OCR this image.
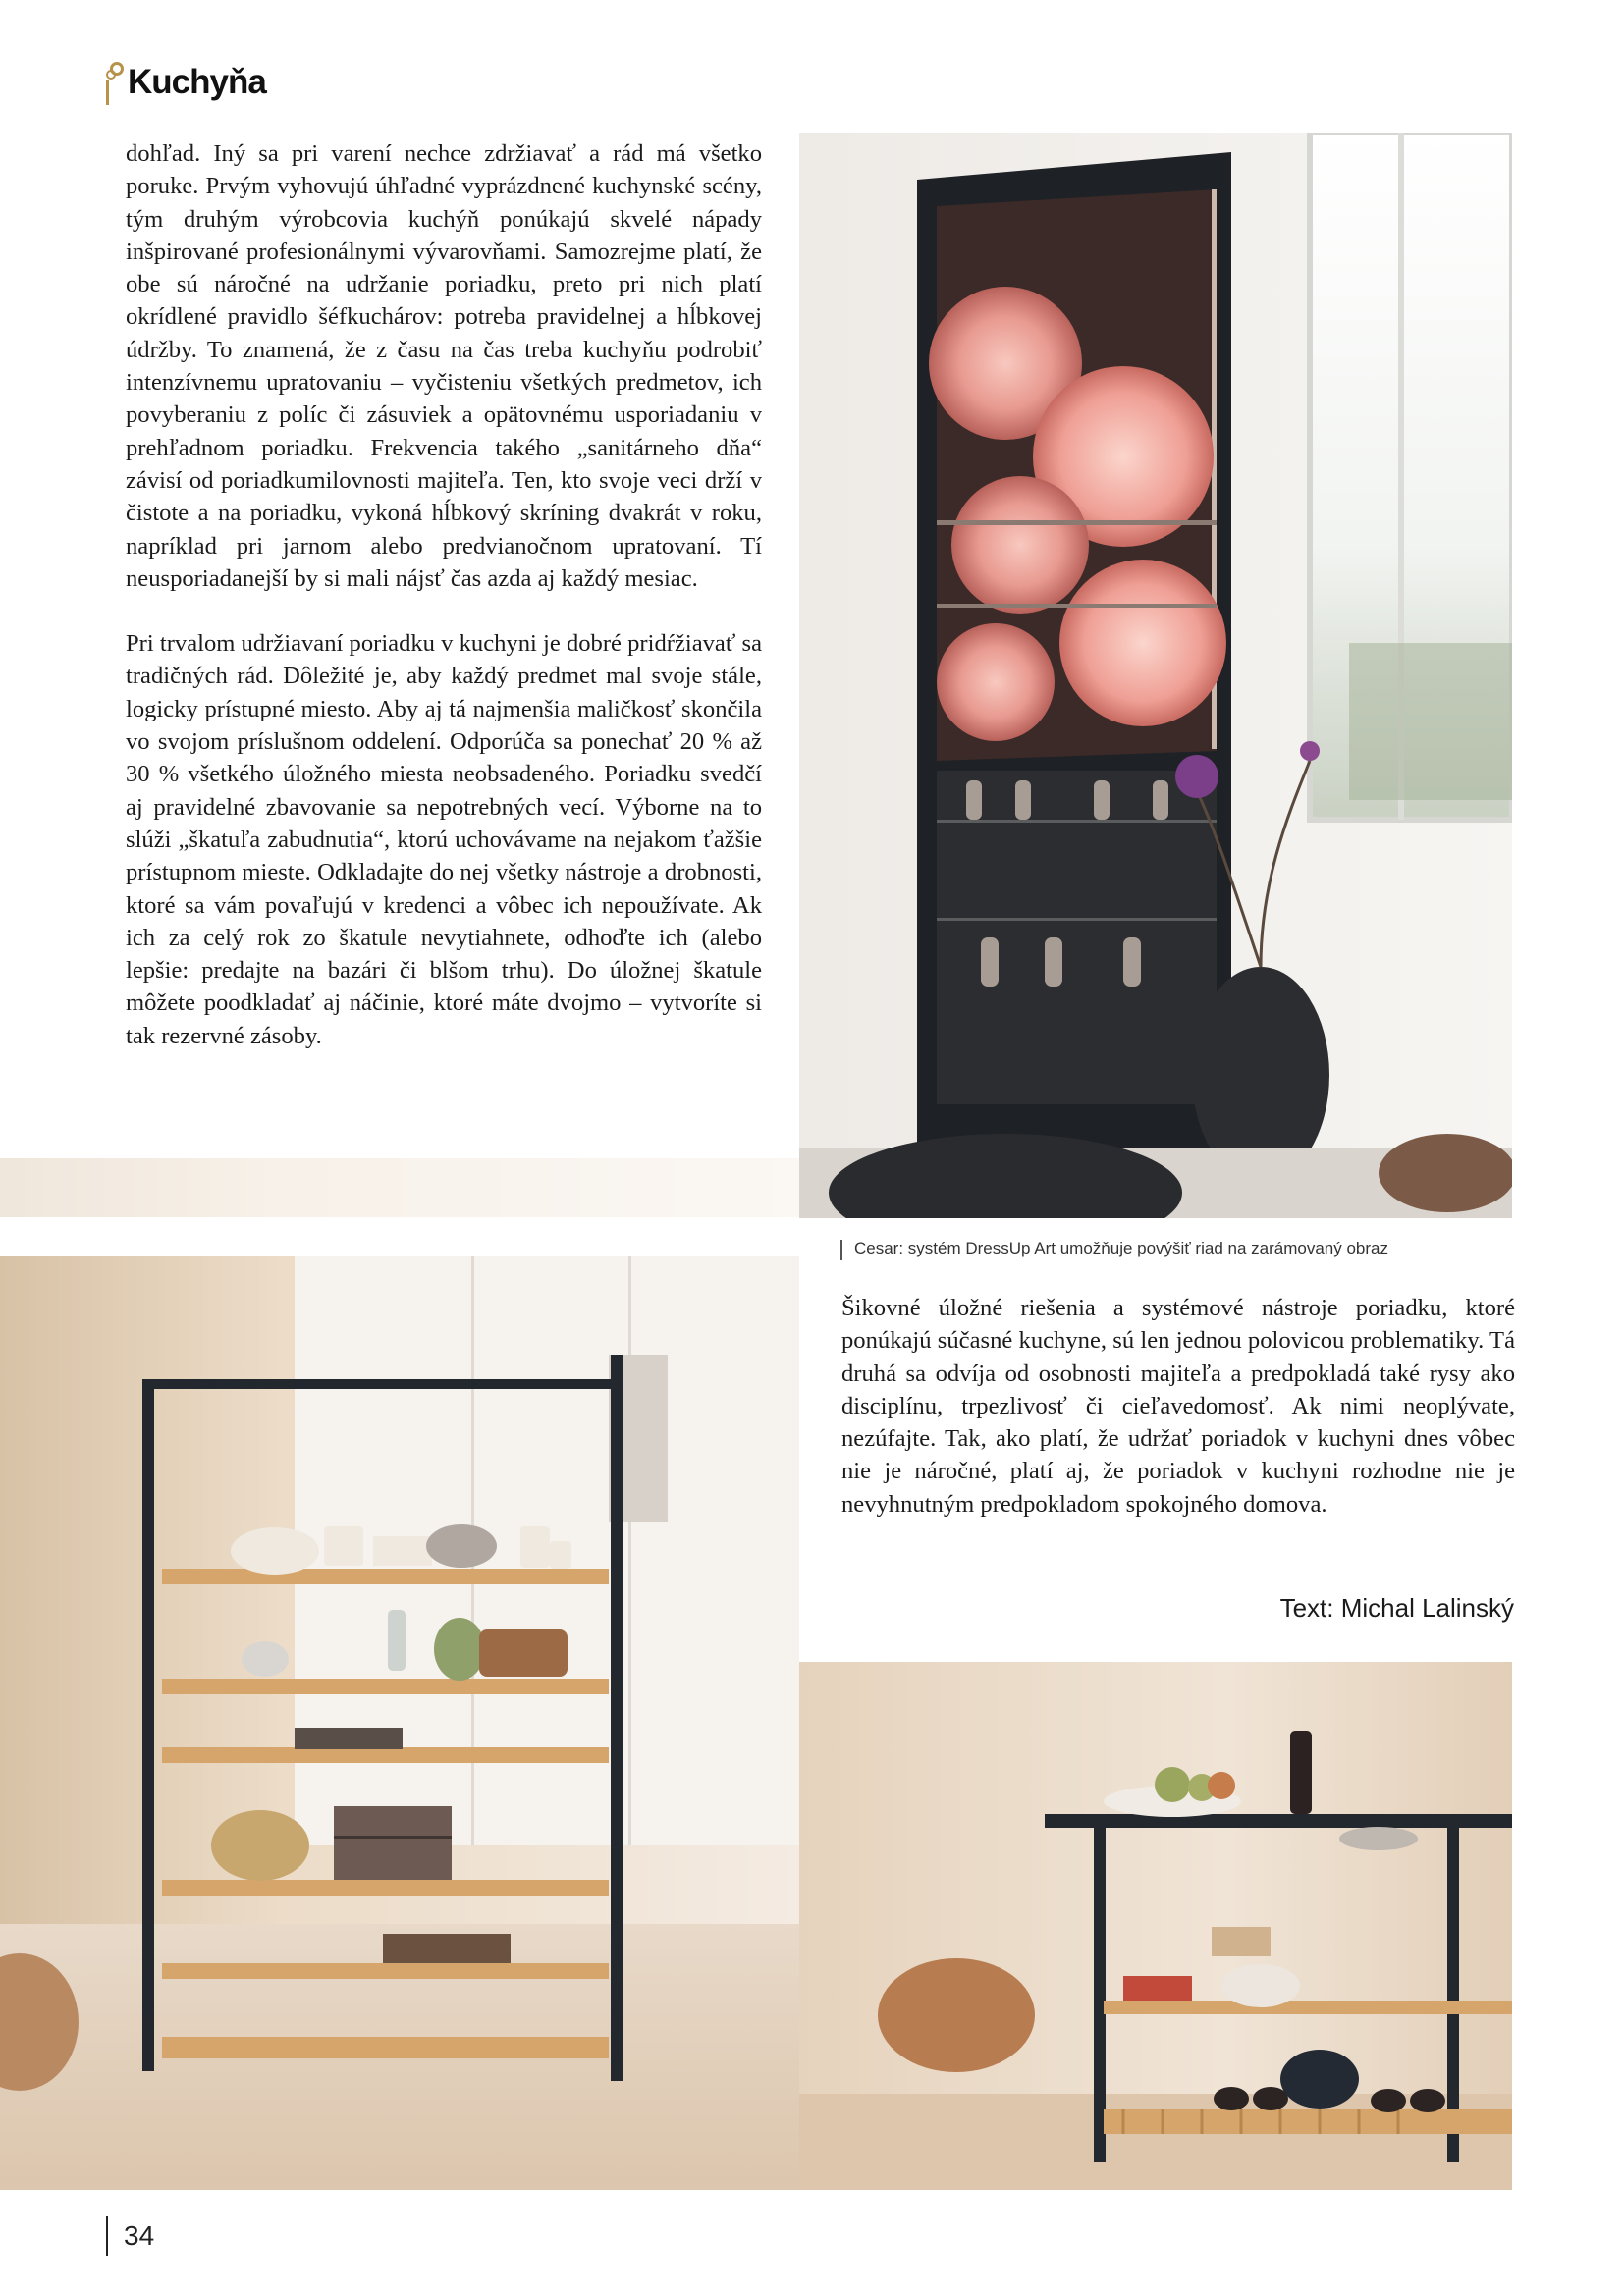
Kuchyňa

dohľad. Iný sa pri varení nechce zdržiavať a rád má všetko poruke. Prvým vyhovujú úhľadné vyprázdnené kuchynské scény, tým druhým výrobcovia kuchýň ponúkajú skvelé nápady inšpirované profesionálnymi vývarovňami. Samozrejme platí, že obe sú náročné na udržanie poriadku, preto pri nich platí okrídlené pravidlo šéfkuchárov: potreba pravidelnej a hĺbkovej údržby. To znamená, že z času na čas treba kuchyňu podrobiť intenzívnemu upratovaniu – vyčisteniu všetkých predmetov, ich povyberaniu z políc či zásuviek a opätovnému usporiadaniu v prehľadnom poriadku. Frekvencia takého „sanitárneho dňa“ závisí od poriadkumilovnosti majiteľa. Ten, kto svoje veci drží v čistote a na poriadku, vykoná hĺbkový skríning dvakrát v roku, napríklad pri jarnom alebo predvianočnom upratovaní. Tí neusporiadanejší by si mali nájsť čas azda aj každý mesiac.

Pri trvalom udržiavaní poriadku v kuchyni je dobré pridŕžiavať sa tradičných rád. Dôležité je, aby každý predmet mal svoje stále, logicky prístupné miesto. Aby aj tá najmenšia maličkosť skončila vo svojom príslušnom oddelení. Odporúča sa ponechať 20 % až 30 % všetkého úložného miesta neobsadeného. Poriadku svedčí aj pravidelné zbavovanie sa nepotrebných vecí. Výborne na to slúži „škatuľa zabudnutia“, ktorú uchovávame na nejakom ťažšie prístupnom mieste. Odkladajte do nej všetky nástroje a drobnosti, ktoré sa vám povaľujú v kredenci a vôbec ich nepoužívate. Ak ich za celý rok zo škatule nevytiahnete, odhoďte ich (alebo lepšie: predajte na bazári či blšom trhu). Do úložnej škatule môžete poodkladať aj náčinie, ktoré máte dvojmo – vytvoríte si tak rezervné zásoby.

Cesar: systém DressUp Art umožňuje povýšiť riad na zarámovaný obraz

Šikovné úložné riešenia a systémové nástroje poriadku, ktoré ponúkajú súčasné kuchyne, sú len jednou polovicou problematiky. Tá druhá sa odvíja od osobnosti majiteľa a predpokladá také rysy ako disciplínu, trpezlivosť či cieľavedomosť. Ak nimi neoplývate, nezúfajte. Tak, ako platí, že udržať poriadok v kuchyni dnes vôbec nie je náročné, platí aj, že poriadok v kuchyni rozhodne nie je nevyhnutným predpokladom spokojného domova.

Text: Michal Lalinský
34
